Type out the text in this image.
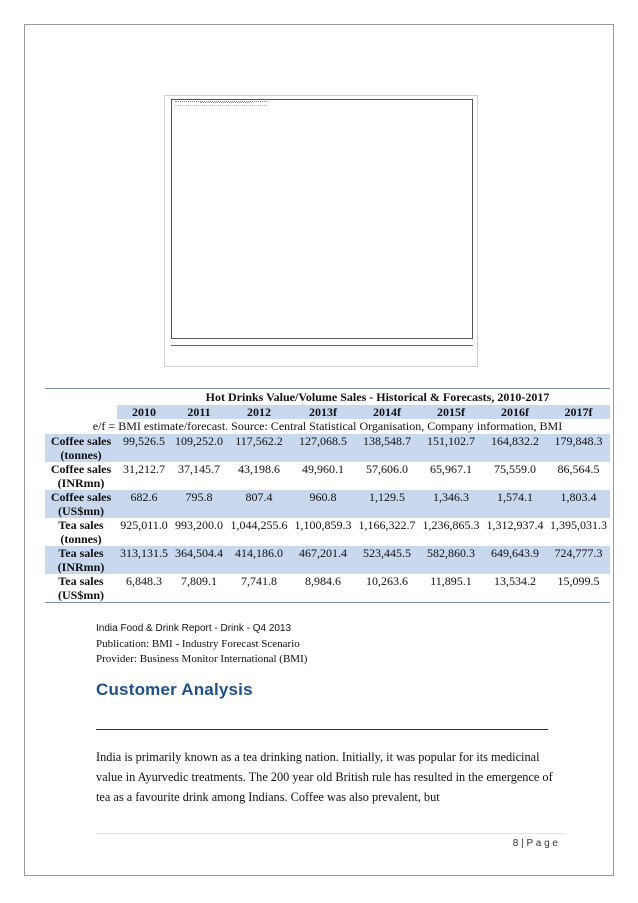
Hot Drinks Value/Volume Sales - Historical & Forecasts, 2010-2017
	2010	2011	2012	2013f	2014f	2015f	2016f	2017f
e/f = BMI estimate/forecast. Source: Central Statistical Organisation, Company information, BMI								
Coffee sales (tonnes)	99,526.5	109,252.0	117,562.2	127,068.5	138,548.7	151,102.7	164,832.2	179,848.3
Coffee sales (INRmn)	31,212.7	37,145.7	43,198.6	49,960.1	57,606.0	65,967.1	75,559.0	86,564.5
Coffee sales (US$mn)	682.6	795.8	807.4	960.8	1,129.5	1,346.3	1,574.1	1,803.4
Tea sales (tonnes)	925,011.0	993,200.0	1,044,255.6	1,100,859.3	1,166,322.7	1,236,865.3	1,312,937.4	1,395,031.3
Tea sales (INRmn)	313,131.5	364,504.4	414,186.0	467,201.4	523,445.5	582,860.3	649,643.9	724,777.3
Tea sales (US$mn)	6,848.3	7,809.1	7,741.8	8,984.6	10,263.6	11,895.1	13,534.2	15,099.5
India Food & Drink Report - Drink - Q4 2013
Publication: BMI - Industry Forecast Scenario
Provider: Business Monitor International (BMI)
Customer Analysis

India is primarily known as a tea drinking nation. Initially, it was popular for its medicinal value in Ayurvedic treatments. The 200 year old British rule has resulted in the emergence of tea as a favourite drink among Indians. Coffee was also prevalent, but

8 | P a g e
